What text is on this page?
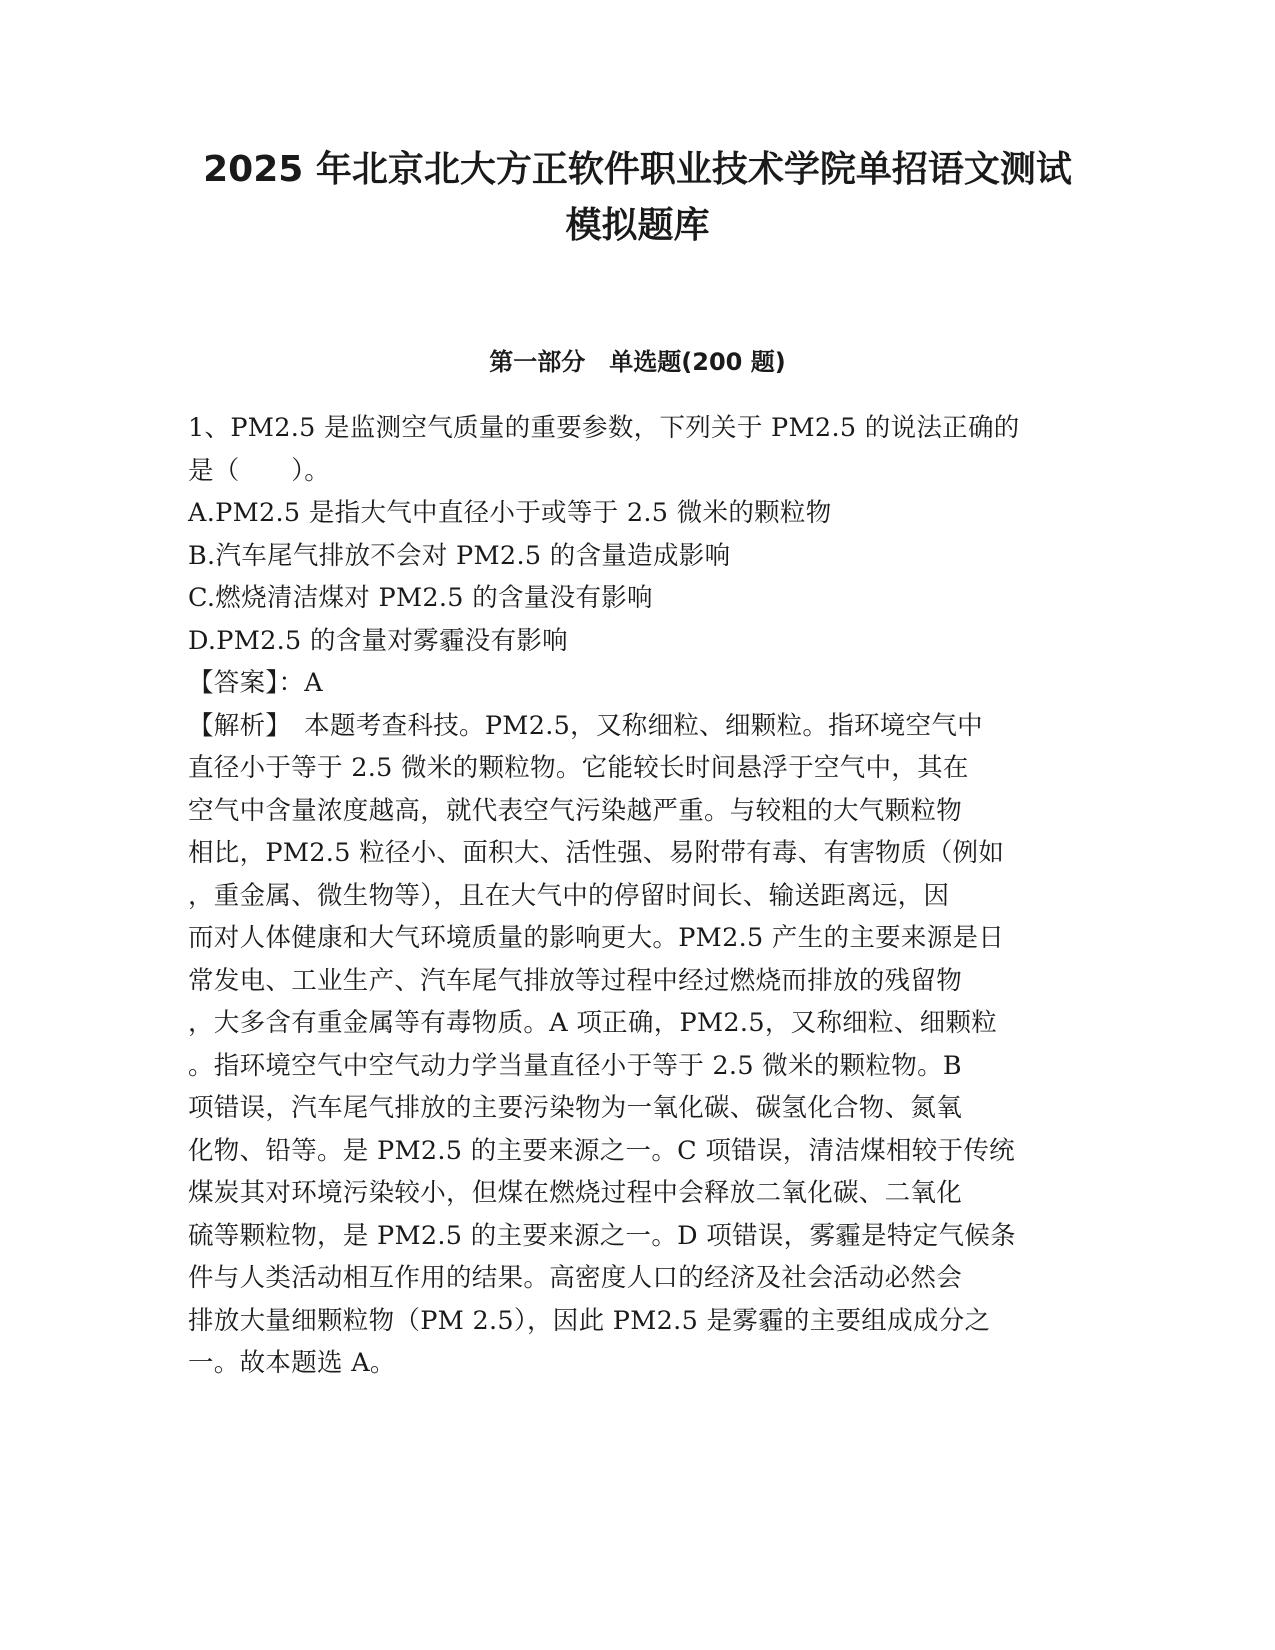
2025 年北京北大方正软件职业技术学院单招语文测试
模拟题库
第一部分　单选题(200 题)
1、PM2.5 是监测空气质量的重要参数，下列关于 PM2.5 的说法正确的
是（　　）。
A.PM2.5 是指大气中直径小于或等于 2.5 微米的颗粒物
B.汽车尾气排放不会对 PM2.5 的含量造成影响
C.燃烧清洁煤对 PM2.5 的含量没有影响
D.PM2.5 的含量对雾霾没有影响
【答案】：A
【解析】　本题考查科技。PM2.5，又称细粒、细颗粒。指环境空气中
直径小于等于 2.5 微米的颗粒物。它能较长时间悬浮于空气中，其在
空气中含量浓度越高，就代表空气污染越严重。与较粗的大气颗粒物
相比，PM2.5 粒径小、面积大、活性强、易附带有毒、有害物质（例如
，重金属、微生物等），且在大气中的停留时间长、输送距离远，因
而对人体健康和大气环境质量的影响更大。PM2.5 产生的主要来源是日
常发电、工业生产、汽车尾气排放等过程中经过燃烧而排放的残留物
，大多含有重金属等有毒物质。A 项正确，PM2.5，又称细粒、细颗粒
。指环境空气中空气动力学当量直径小于等于 2.5 微米的颗粒物。B
项错误，汽车尾气排放的主要污染物为一氧化碳、碳氢化合物、氮氧
化物、铅等。是 PM2.5 的主要来源之一。C 项错误，清洁煤相较于传统
煤炭其对环境污染较小，但煤在燃烧过程中会释放二氧化碳、二氧化
硫等颗粒物，是 PM2.5 的主要来源之一。D 项错误，雾霾是特定气候条
件与人类活动相互作用的结果。高密度人口的经济及社会活动必然会
排放大量细颗粒物（PM 2.5），因此 PM2.5 是雾霾的主要组成成分之
一。故本题选 A。
